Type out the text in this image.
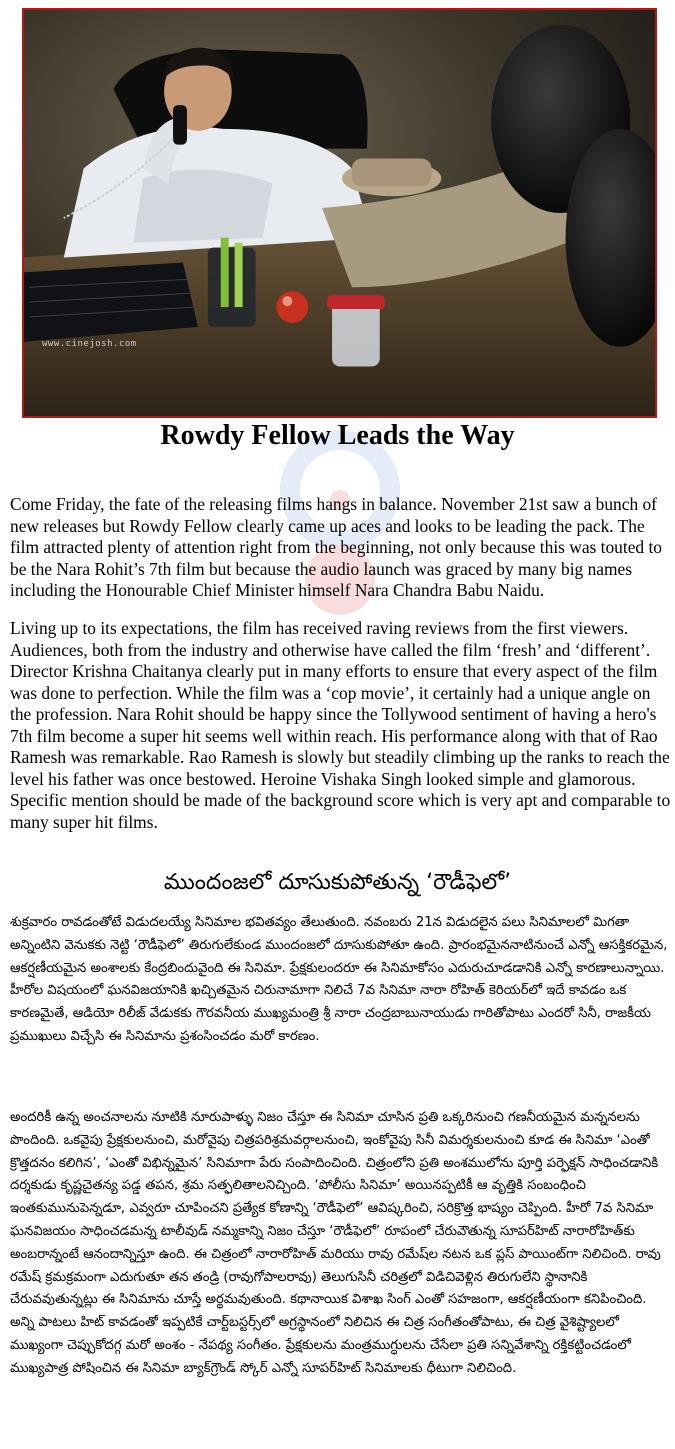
www.cinejosh.com
Rowdy Fellow Leads the Way

Come Friday, the fate of the releasing films hangs in balance. November 21st saw a bunch of new releases but Rowdy Fellow clearly came up aces and looks to be leading the pack. The film attracted plenty of attention right from the beginning, not only because this was touted to be the Nara Rohit’s 7th film but because the audio launch was graced by many big names including the Honourable Chief Minister himself Nara Chandra Babu Naidu.

Living up to its expectations, the film has received raving reviews from the first viewers. Audiences, both from the industry and otherwise have called the film ‘fresh’ and ‘different’. Director Krishna Chaitanya clearly put in many efforts to ensure that every aspect of the film was done to perfection. While the film was a ‘cop movie’, it certainly had a unique angle on the profession. Nara Rohit should be happy since the Tollywood sentiment of having a hero's 7th film become a super hit seems well within reach. His performance along with that of Rao Ramesh was remarkable. Rao Ramesh is slowly but steadily climbing up the ranks to reach the level his father was once bestowed. Heroine Vishaka Singh looked simple and glamorous. Specific mention should be made of the background score which is very apt and comparable to many super hit films.

ముందంజలో దూసుకుపోతున్న ‘రౌడీఫెలో’

శుక్రవారం రావడంతోటే విడుదలయ్యే సినిమాల భవితవ్యం తేలుతుంది. నవంబరు 21న విడుదలైన పలు సినిమాలలో మిగతా అన్నింటిని వెనుకకు నెట్టి ‘రౌడీఫెలో’ తిరుగులేకుండ ముందంజలో దూసుకుపోతూ ఉంది. ప్రారంభమైననాటినుంచే ఎన్నో ఆసక్తికరమైన, ఆకర్షణీయమైన అంశాలకు కేంద్రబిందువైంది ఈ సినిమా. ప్రేక్షకులందరూ ఈ సినిమాకోసం ఎదురుచూడడానికి ఎన్నో కారణాలున్నాయి. హీరోల విషయంలో ఘనవిజయానికి ఖచ్చితమైన చిరునామాగా నిలిచే 7వ సినిమా నారా రోహిత్ కెరియర్‌లో ఇదే కావడం ఒక కారణమైతే, ఆడియో రిలీజ్ వేడుకకు గౌరవనీయ ముఖ్యమంత్రి శ్రీ నారా చంద్రబాబునాయుడు గారితోపాటు ఎందరో సినీ, రాజకీయ ప్రముఖులు విచ్చేసి ఈ సినిమాను ప్రశంసించడం మరో కారణం.

అందరికీ ఉన్న అంచనాలను నూటికి నూరుపాళ్ళు నిజం చేస్తూ ఈ సినిమా చూసిన ప్రతి ఒక్కరినుంచి గణనీయమైన మన్ననలను పొందింది. ఒకవైపు ప్రేక్షకులనుంచి, మరోవైపు చిత్రపరిశ్రమవర్గాలనుంచి, ఇంకోవైపు సినీ విమర్శకులనుంచి కూడ ఈ సినిమా ‘ఎంతో క్రొత్తదనం కలిగిన’, ‘ఎంతో విభిన్నమైన’ సినిమాగా పేరు సంపాదించింది. చిత్రంలోని ప్రతి అంశములోను పూర్తి పర్ఫెక్షన్ సాధించడానికి దర్శకుడు కృష్ణచైతన్య పడ్డ తపన, శ్రమ సత్ఫలితాలనిచ్చింది. ‘పోలీసు సినిమా’ అయినప్పటికీ ఆ వృత్తికి సంబంధించి ఇంతకుమునుపెన్నడూ, ఎవ్వరూ చూపించని ప్రత్యేక కోణాన్ని ‘రౌడీఫెలో’ ఆవిష్కరించి, సరిక్రొత్త భాష్యం చెప్పింది. హీరో 7వ సినిమా ఘనవిజయం సాధించడమన్న టాలీవుడ్ నమ్మకాన్ని నిజం చేస్తూ ‘రౌడీఫెలో’ రూపంలో చేరువౌతున్న సూపర్‌హిట్ నారారోహిత్‌కు అంబరాన్నంటే ఆనందాన్నిస్తూ ఉంది. ఈ చిత్రంలో నారారోహిత్ మరియు రావు రమేష్‌ల నటన ఒక ప్లస్ పాయింట్‌గా నిలిచింది. రావు రమేష్ క్రమక్రమంగా ఎదుగుతూ తన తండ్రి (రావుగోపాలరావు) తెలుగుసినీ చరిత్రలో విడిచివెళ్లిన తిరుగులేని స్థానానికి చేరువవుతున్నట్లు ఈ సినిమాను చూస్తే అర్థమవుతుంది. కథానాయిక విశాఖ సింగ్ ఎంతో సహజంగా, ఆకర్షణీయంగా కనిపించింది. అన్ని పాటలు హిట్ కావడంతో ఇప్పటికే చార్ట్‌బస్టర్స్‌లో అగ్రస్థానంలో నిలిచిన ఈ చిత్ర సంగీతంతోపాటు, ఈ చిత్ర వైశిష్ట్యాలలో ముఖ్యంగా చెప్పుకోదగ్గ మరో అంశం - నేపథ్య సంగీతం. ప్రేక్షకులను మంత్రముగ్ధులను చేసేలా ప్రతి సన్నివేశాన్ని రక్తికట్టించడంలో ముఖ్యపాత్ర పోషించిన ఈ సినిమా బ్యాక్‌గ్రౌండ్ స్కోర్ ఎన్నో సూపర్‌హిట్ సినిమాలకు ధీటుగా నిలిచింది.
